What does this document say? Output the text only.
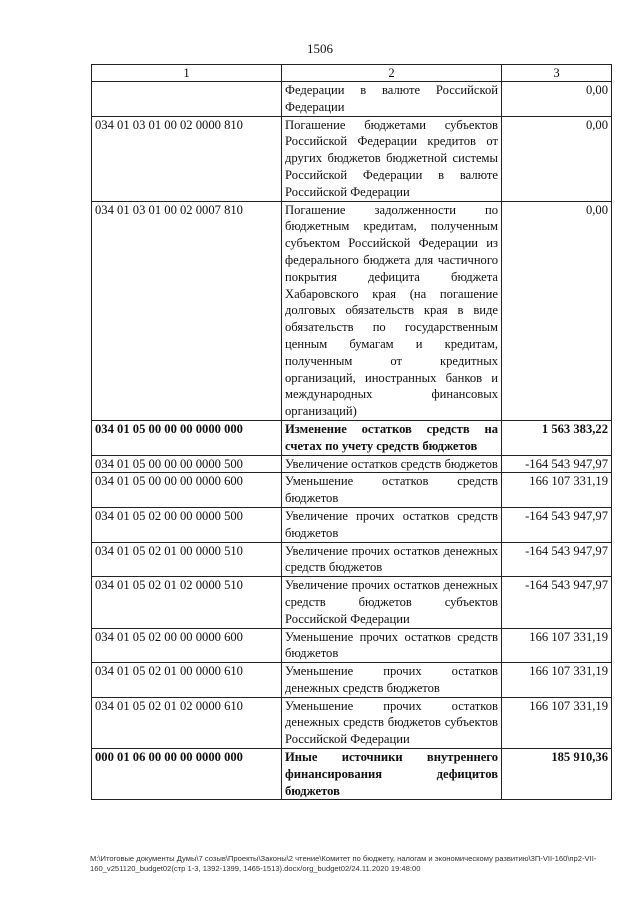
1506
1	2	3
	Федерации в валюте Российской Федерации	0,00
034 01 03 01 00 02 0000 810	Погашение бюджетами субъектов Российской Федерации кредитов от других бюджетов бюджетной системы Российской Федерации в валюте Российской Федерации	0,00
034 01 03 01 00 02 0007 810	Погашение задолженности по бюджетным кредитам, полученным субъектом Российской Федерации из федерального бюджета для частичного покрытия дефицита бюджета Хабаровского края (на погашение долговых обязательств края в виде обязательств по государственным ценным бумагам и кредитам, полученным от кредитных организаций, иностранных банков и международных финансовых организаций)	0,00
034 01 05 00 00 00 0000 000	Изменение остатков средств на счетах по учету средств бюджетов	1 563 383,22
034 01 05 00 00 00 0000 500	Увеличение остатков средств бюджетов	-164 543 947,97
034 01 05 00 00 00 0000 600	Уменьшение остатков средств бюджетов	166 107 331,19
034 01 05 02 00 00 0000 500	Увеличение прочих остатков средств бюджетов	-164 543 947,97
034 01 05 02 01 00 0000 510	Увеличение прочих остатков денежных средств бюджетов	-164 543 947,97
034 01 05 02 01 02 0000 510	Увеличение прочих остатков денежных средств бюджетов субъектов Российской Федерации	-164 543 947,97
034 01 05 02 00 00 0000 600	Уменьшение прочих остатков средств бюджетов	166 107 331,19
034 01 05 02 01 00 0000 610	Уменьшение прочих остатков денежных средств бюджетов	166 107 331,19
034 01 05 02 01 02 0000 610	Уменьшение прочих остатков денежных средств бюджетов субъектов Российской Федерации	166 107 331,19
000 01 06 00 00 00 0000 000	Иные источники внутреннего финансирования дефицитов бюджетов	185 910,36
M:\Итоговые документы Думы\7 созыв\Проекты\Законы\2 чтение\Комитет по бюджету, налогам и экономическому развитию\3П-VII-160\пр2-VII-160_v251120_budget02(стр 1-3, 1392-1399, 1465-1513).docx/org_budget02/24.11.2020 19:48:00
